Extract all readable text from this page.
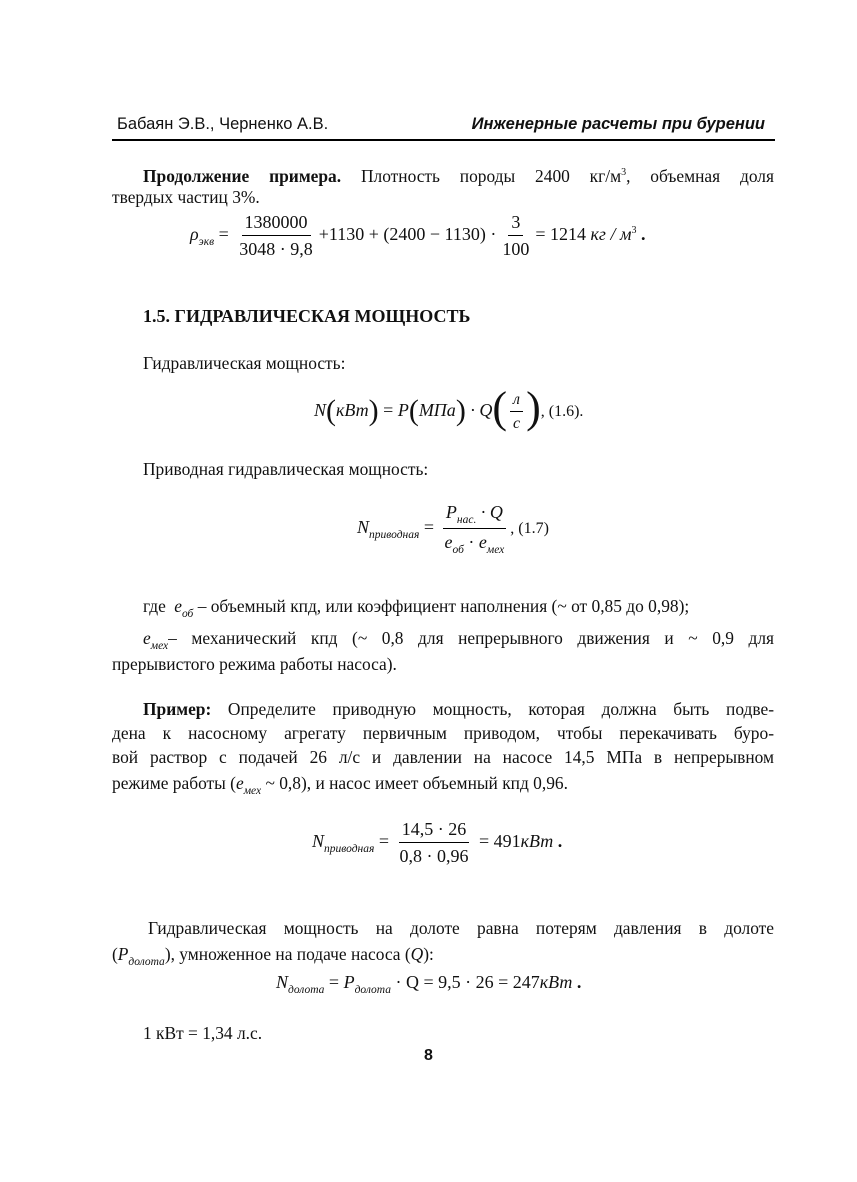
Бабаян Э.В., Черненко А.В.	Инженерные расчеты при бурении
Продолжение примера. Плотность породы 2400 $кг/м^3$, объемная доля
твердых частиц 3%.
$\rho_{экв} = \frac{1380000}{3048 \cdot 9,8} +1130 + (2400 - 1130) \cdot \frac{3}{100} = 1214$ кг / $м^3$ .
1.5. ГИДРАВЛИЧЕСКАЯ МОЩНОСТЬ
Гидравлическая мощность:
$N(кВт) = P(МПа) \cdot Q( \frac{л}{с}$ ), (1.6).
Приводная гидравлическая мощность:
$N_{приводная} = \frac{P_{нас.} \cdot Q}{e_{об} \cdot e_{мех}}$ , (1.7)
где $e_{об}$ – объемный кпд, или коэффициент наполнения (~ от 0,85 до 0,98);
$e_{мех}-$ механический кпд (~ 0,8 для непрерывного движения и ~ 0,9 для
прерывистого режима работы насоса).
Пример: Определите приводную мощность, которая должна быть подве-
дена к насосному агрегату первичным приводом, чтобы перекачивать буро-
вой раствор с подачей 26 л/с и давлении на насосе 14,5 МПа в непрерывном
режиме работы ($e_{мех}$ ~ 0,8), и насос имеет объемный кпд 0,96.
$N_{приводная} = \frac{14,5 \cdot 26}{0,8 \cdot 0,96} = 491кВт$ .
Гидравлическая мощность на долоте равна потерям давления в долоте
$(P_{долота})$, умноженное на подаче насоса (Q):
$N_{долота} = P_{долота} \cdot Q = 9,5 \cdot 26 = 247кВт$ .
1 кВт = 1,34 л.с.
8
